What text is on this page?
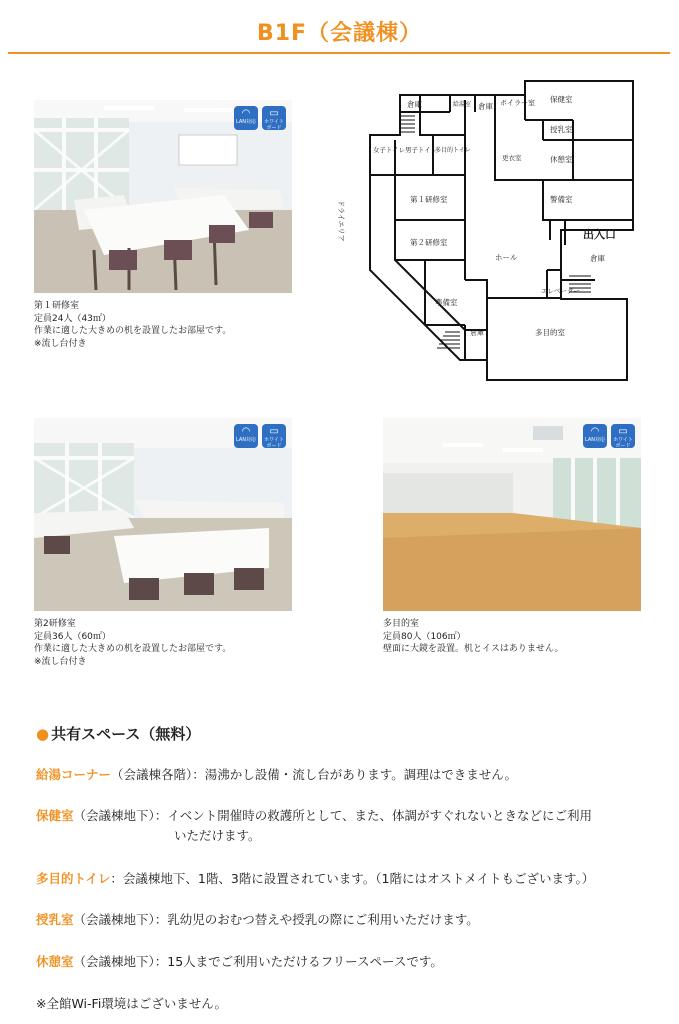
B1F（会議棟）
◠
LAN対応
▭
ホワイトボード
第１研修室
定員24人（43㎡）
作業に適した大きめの机を設置したお部屋です。
※流し台付き
倉庫	給湯室 倉庫 ボイラー室 保健室
授乳室
更衣室	休憩室
警備室
女子トイレ 男子トイレ
多目的トイレ
ドライエリア
第１研修室
第２研修室
ホール
出入口
倉庫
エレベーター
準備室
倉庫	多目的室
◠
LAN対応
▭
ホワイトボード
第2研修室
定員36人（60㎡）
作業に適した大きめの机を設置したお部屋です。
※流し台付き
◠
LAN対応
▭
ホワイトボード
多目的室
定員80人（106㎡）
壁面に大鏡を設置。机とイスはありません。
● 共有スペース（無料）
給湯コーナー（会議棟各階）：湯沸かし設備・流し台があります。調理はできません。
保健室（会議棟地下）：イベント開催時の救護所として、また、体調がすぐれないときなどにご利用
いただけます。
多目的トイレ：会議棟地下、1階、3階に設置されています。（1階にはオストメイトもございます。）
授乳室（会議棟地下）：乳幼児のおむつ替えや授乳の際にご利用いただけます。
休憩室（会議棟地下）：15人までご利用いただけるフリースペースです。
※全館Wi-Fi環境はございません。
